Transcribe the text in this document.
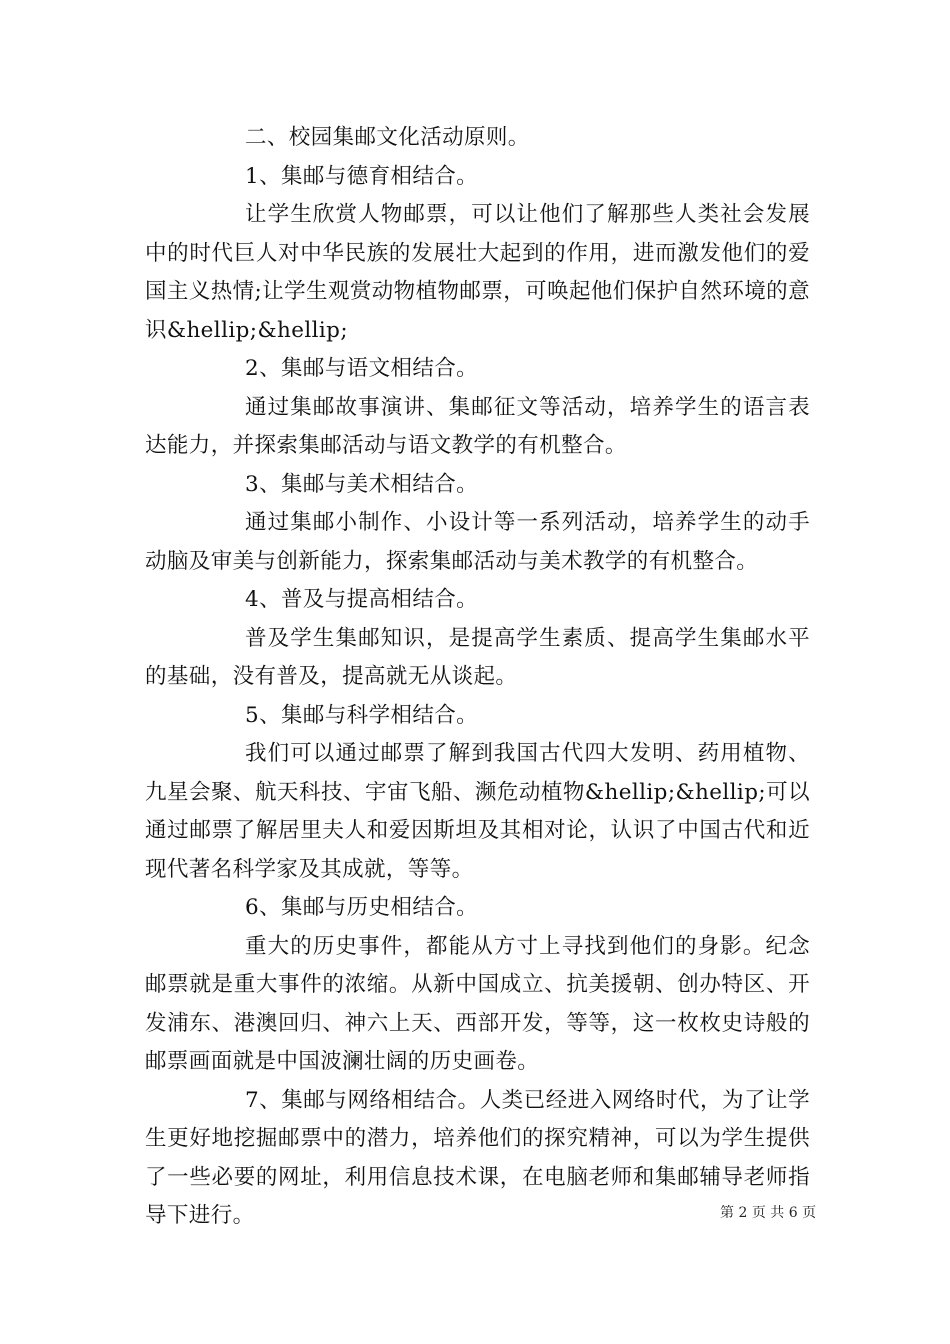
二、校园集邮文化活动原则。

1、集邮与德育相结合。

让学生欣赏人物邮票，可以让他们了解那些人类社会发展中的时代巨人对中华民族的发展壮大起到的作用，进而激发他们的爱国主义热情;让学生观赏动物植物邮票，可唤起他们保护自然环境的意识&hellip;&hellip;

2、集邮与语文相结合。

通过集邮故事演讲、集邮征文等活动，培养学生的语言表达能力，并探索集邮活动与语文教学的有机整合。

3、集邮与美术相结合。

通过集邮小制作、小设计等一系列活动，培养学生的动手动脑及审美与创新能力，探索集邮活动与美术教学的有机整合。

4、普及与提高相结合。

普及学生集邮知识，是提高学生素质、提高学生集邮水平的基础，没有普及，提高就无从谈起。

5、集邮与科学相结合。

我们可以通过邮票了解到我国古代四大发明、药用植物、九星会聚、航天科技、宇宙飞船、濒危动植物&hellip;&hellip;可以通过邮票了解居里夫人和爱因斯坦及其相对论，认识了中国古代和近现代著名科学家及其成就，等等。

6、集邮与历史相结合。

重大的历史事件，都能从方寸上寻找到他们的身影。纪念邮票就是重大事件的浓缩。从新中国成立、抗美援朝、创办特区、开发浦东、港澳回归、神六上天、西部开发，等等，这一枚枚史诗般的邮票画面就是中国波澜壮阔的历史画卷。

7、集邮与网络相结合。人类已经进入网络时代，为了让学生更好地挖掘邮票中的潜力，培养他们的探究精神，可以为学生提供了一些必要的网址，利用信息技术课，在电脑老师和集邮辅导老师指导下进行。	第 2 页 共 6 页
